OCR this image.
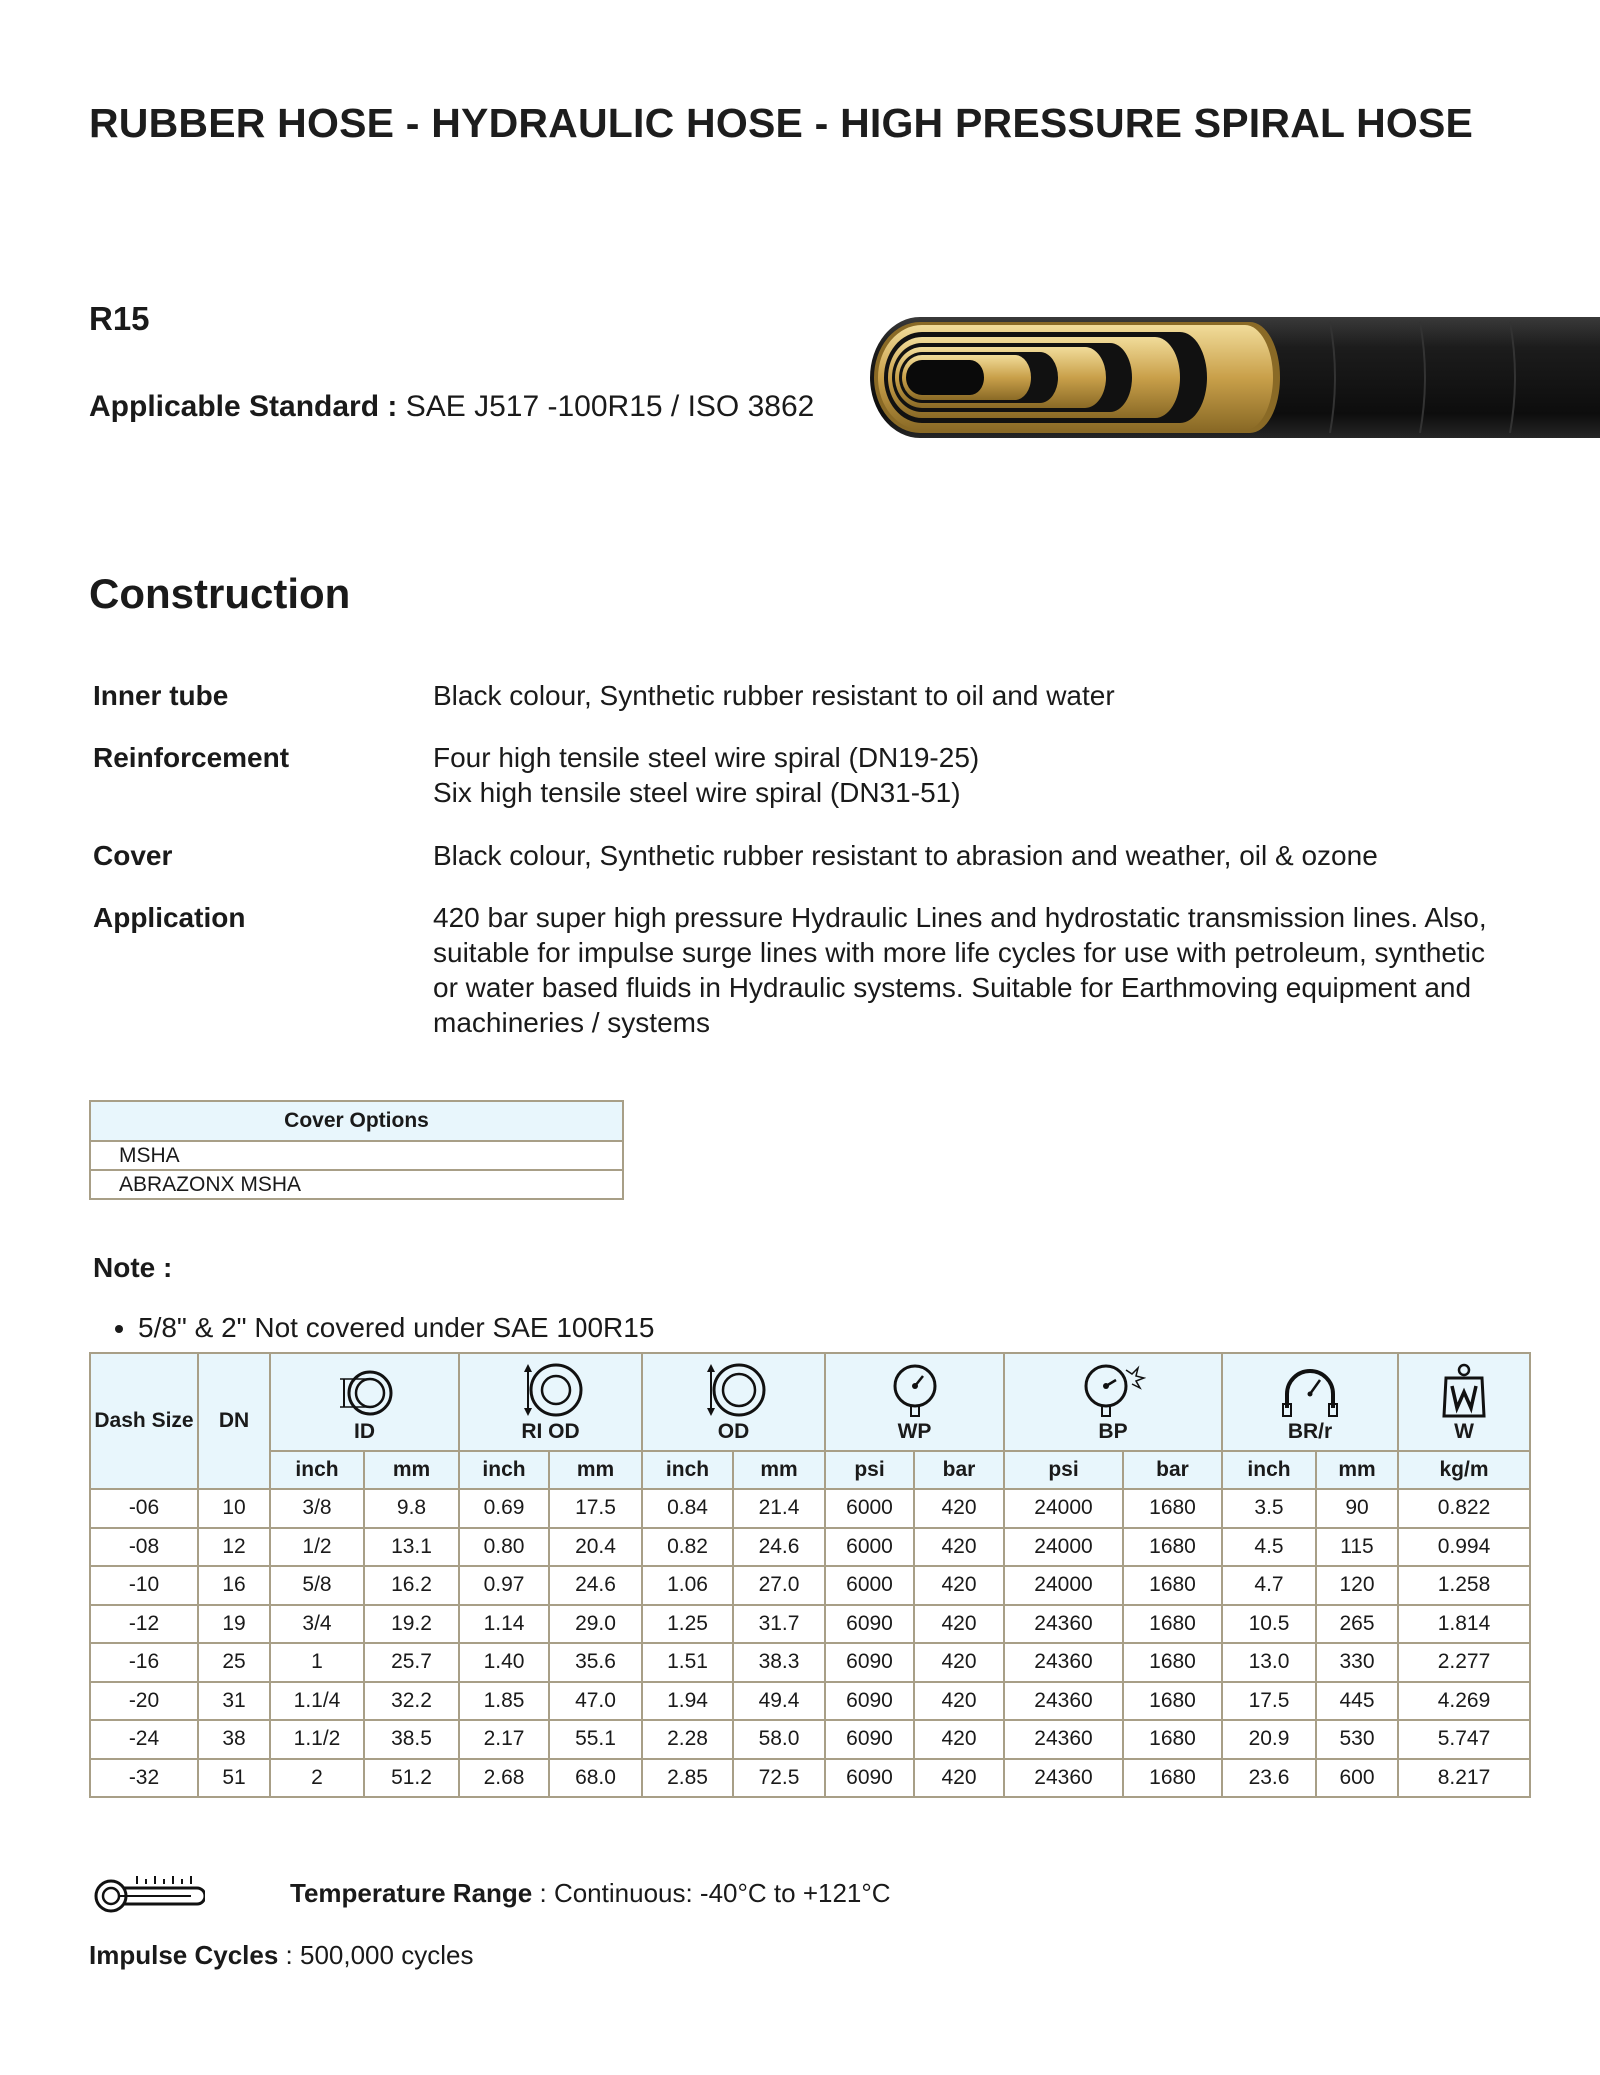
RUBBER HOSE - HYDRAULIC HOSE - HIGH PRESSURE SPIRAL HOSE
R15
Applicable Standard : SAE J517 -100R15 / ISO 3862
Construction
Inner tube	Black colour, Synthetic rubber resistant to oil and water
Reinforcement	Four high tensile steel wire spiral (DN19-25)
Six high tensile steel wire spiral (DN31-51)
Cover	Black colour, Synthetic rubber resistant to abrasion and weather, oil & ozone
Application	420 bar super high pressure Hydraulic Lines and hydrostatic transmission lines. Also,
suitable for impulse surge lines with more life cycles for use with petroleum, synthetic
or water based fluids in Hydraulic systems. Suitable for Earthmoving equipment and
machineries / systems
Cover Options
MSHA
ABRAZONX MSHA
Note :
• 5/8" & 2" Not covered under SAE 100R15
Dash Size	DN	ID		RI OD		OD		WP		BP		BR/r		W

		inch	mm	inch	mm	inch	mm	psi	bar	psi	bar	inch	mm	kg/m
-06	10	3/8	9.8	0.69	17.5	0.84	21.4	6000	420	24000	1680	3.5	90	0.822
-08	12	1/2	13.1	0.80	20.4	0.82	24.6	6000	420	24000	1680	4.5	115	0.994
-10	16	5/8	16.2	0.97	24.6	1.06	27.0	6000	420	24000	1680	4.7	120	1.258
-12	19	3/4	19.2	1.14	29.0	1.25	31.7	6090	420	24360	1680	10.5	265	1.814
-16	25	1	25.7	1.40	35.6	1.51	38.3	6090	420	24360	1680	13.0	330	2.277
-20	31	1.1/4	32.2	1.85	47.0	1.94	49.4	6090	420	24360	1680	17.5	445	4.269
-24	38	1.1/2	38.5	2.17	55.1	2.28	58.0	6090	420	24360	1680	20.9	530	5.747
-32	51	2	51.2	2.68	68.0	2.85	72.5	6090	420	24360	1680	23.6	600	8.217
Temperature Range : Continuous: -40°C to +121°C
Impulse Cycles : 500,000 cycles
